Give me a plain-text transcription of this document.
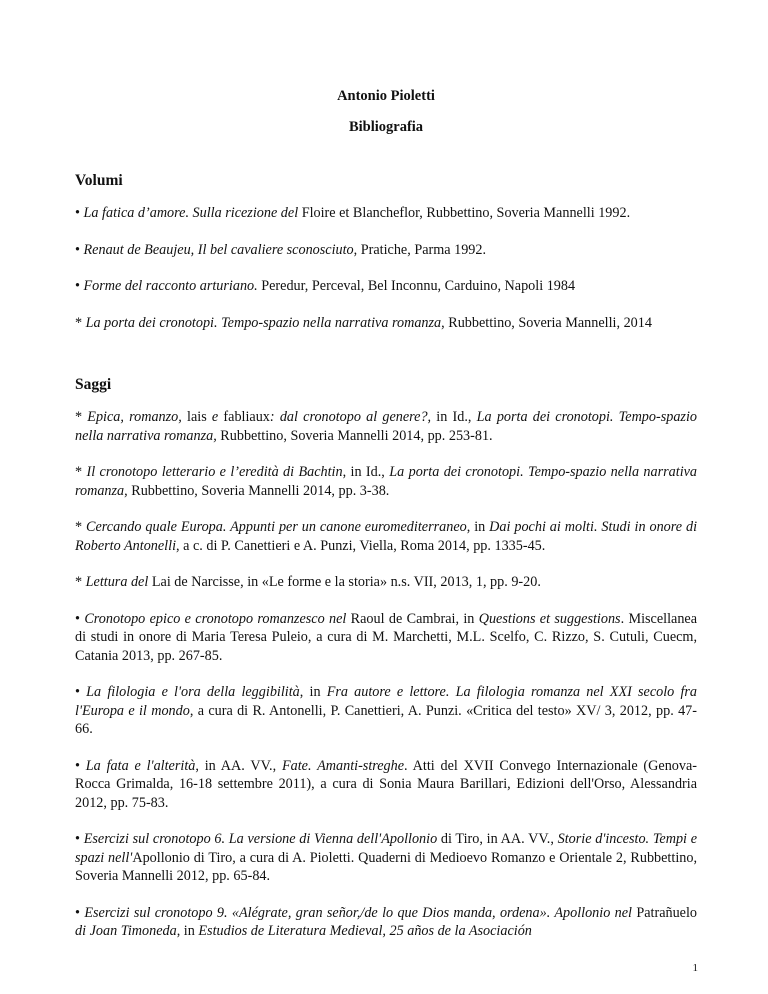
Antonio Pioletti
Bibliografia
Volumi

• La fatica d’amore. Sulla ricezione del Floire et Blancheflor, Rubbettino, Soveria Mannelli 1992.

• Renaut de Beaujeu, Il bel cavaliere sconosciuto, Pratiche, Parma 1992.

• Forme del racconto arturiano. Peredur, Perceval, Bel Inconnu, Carduino, Napoli 1984

* La porta dei cronotopi. Tempo-spazio nella narrativa romanza, Rubbettino, Soveria Mannelli, 2014

Saggi

* Epica, romanzo, lais e fabliaux: dal cronotopo al genere?, in Id., La porta dei cronotopi. Tempo-spazio nella narrativa romanza, Rubbettino, Soveria Mannelli 2014, pp. 253-81.

* Il cronotopo letterario e l’eredità di Bachtin, in Id., La porta dei cronotopi. Tempo-spazio nella narrativa romanza, Rubbettino, Soveria Mannelli 2014, pp. 3-38.

* Cercando quale Europa. Appunti per un canone euromediterraneo, in Dai pochi ai molti. Studi in onore di Roberto Antonelli, a c. di P. Canettieri e A. Punzi, Viella, Roma 2014, pp. 1335-45.

* Lettura del Lai de Narcisse, in «Le forme e la storia» n.s. VII, 2013, 1, pp. 9-20.

• Cronotopo epico e cronotopo romanzesco nel Raoul de Cambrai, in Questions et suggestions. Miscellanea di studi in onore di Maria Teresa Puleio, a cura di M. Marchetti, M.L. Scelfo, C. Rizzo, S. Cutuli, Cuecm, Catania 2013, pp. 267-85.

• La filologia e l'ora della leggibilità, in Fra autore e lettore. La filologia romanza nel XXI secolo fra l'Europa e il mondo, a cura di R. Antonelli, P. Canettieri, A. Punzi. «Critica del testo» XV/ 3, 2012, pp. 47-66.

• La fata e l'alterità, in AA. VV., Fate. Amanti-streghe. Atti del XVII Convego Internazionale (Genova-Rocca Grimalda, 16-18 settembre 2011), a cura di Sonia Maura Barillari, Edizioni dell'Orso, Alessandria 2012, pp. 75-83.

• Esercizi sul cronotopo 6. La versione di Vienna dell'Apollonio di Tiro, in AA. VV., Storie d'incesto. Tempi e spazi nell'Apollonio di Tiro, a cura di A. Pioletti. Quaderni di Medioevo Romanzo e Orientale 2, Rubbettino, Soveria Mannelli 2012, pp. 65-84.

• Esercizi sul cronotopo 9. «Alégrate, gran señor,/de lo que Dios manda, ordena». Apollonio nel Patrañuelo di Joan Timoneda, in Estudios de Literatura Medieval, 25 años de la Asociación

1
